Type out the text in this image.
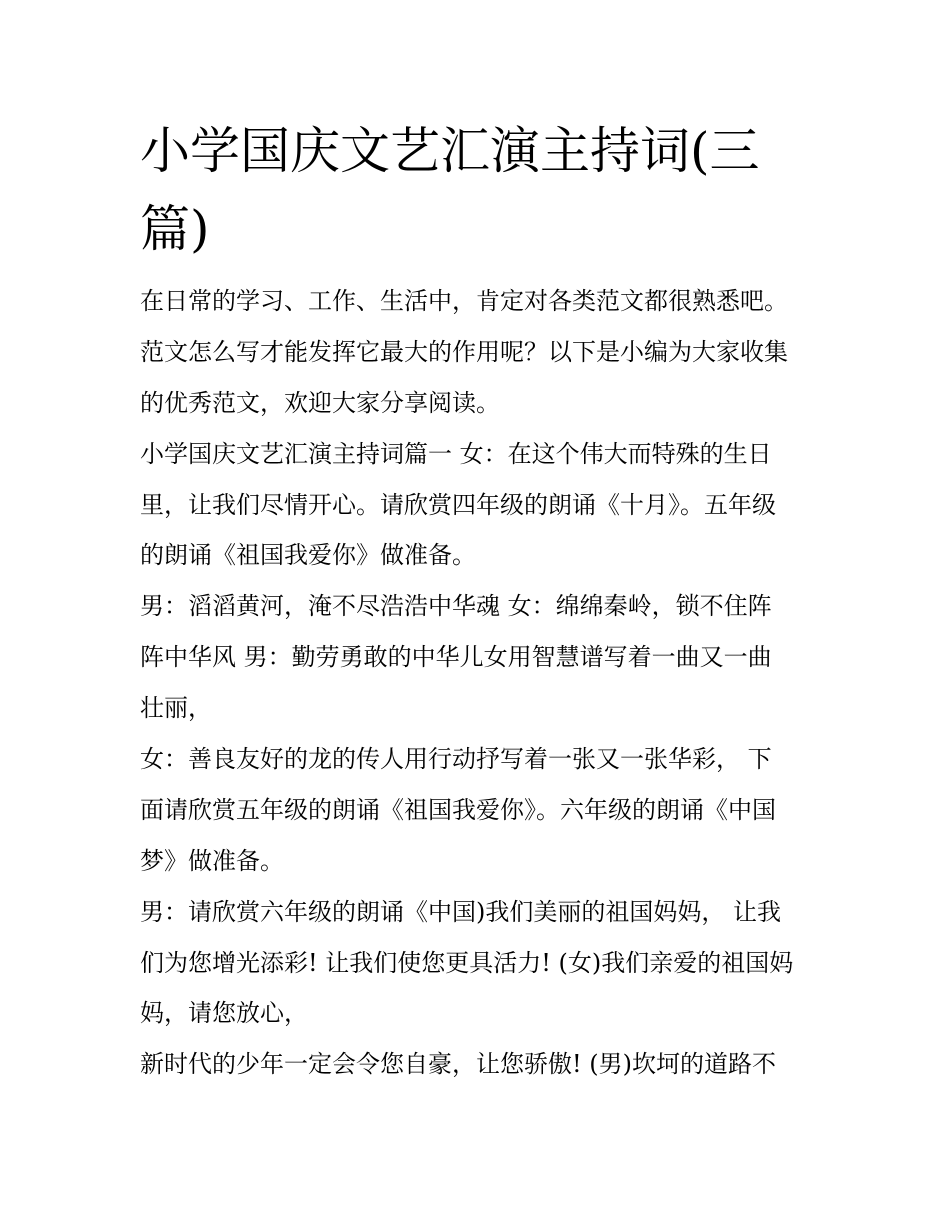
小学国庆文艺汇演主持词(三
篇)

在日常的学习、工作、生活中，肯定对各类范文都很熟悉吧。
范文怎么写才能发挥它最大的作用呢？以下是小编为大家收集
的优秀范文，欢迎大家分享阅读。

小学国庆文艺汇演主持词篇一 女：在这个伟大而特殊的生日
里，让我们尽情开心。请欣赏四年级的朗诵《十月》。五年级
的朗诵《祖国我爱你》做准备。

男：滔滔黄河，淹不尽浩浩中华魂 女：绵绵秦岭，锁不住阵
阵中华风 男：勤劳勇敢的中华儿女用智慧谱写着一曲又一曲
壮丽，

女：善良友好的龙的传人用行动抒写着一张又一张华彩， 下
面请欣赏五年级的朗诵《祖国我爱你》。六年级的朗诵《中国
梦》做准备。

男：请欣赏六年级的朗诵《中国)我们美丽的祖国妈妈， 让我
们为您增光添彩! 让我们使您更具活力! (女)我们亲爱的祖国妈
妈，请您放心，

新时代的少年一定会令您自豪，让您骄傲! (男)坎坷的道路不
